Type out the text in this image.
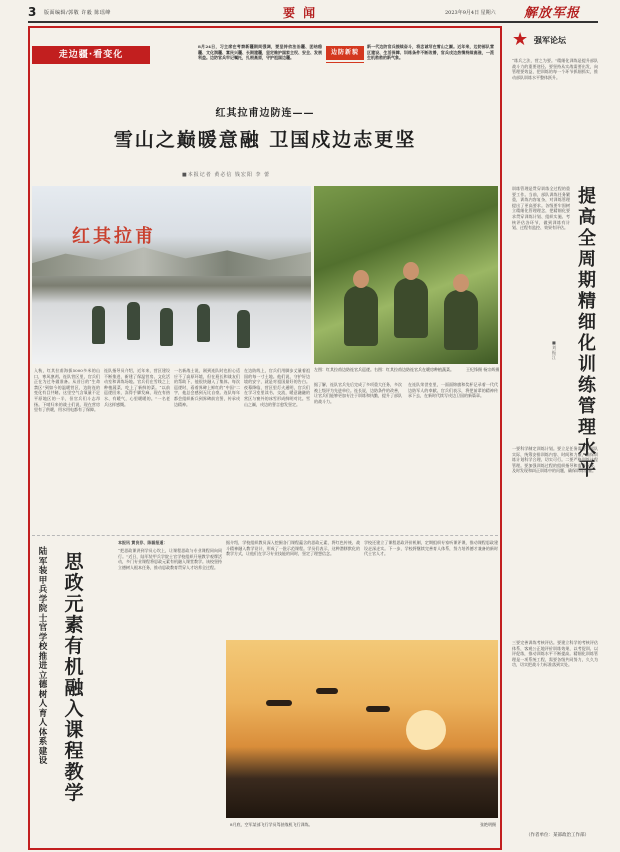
3 版面编辑/郭敬 许毅 陈瑶峰	要 闻	2023年9月4日 星期六 解放军报
走边疆·看变化
8月24日，习主席在考察新疆期间强调，要坚持依法治疆、团结稳疆、文化润疆、富民兴疆、长期建疆，坚定维护国家主权、安全、发展利益。边防官兵牢记嘱托，扎根高原，守护祖国边疆。
边防新貌
新一代边防官兵接续奋斗，将忠诚写在雪山之巅。近年来，边防部队营区建设、生活保障、训练条件不断改善，官兵戍边热情持续高涨，一派生机勃勃的新气象。
红其拉甫边防连——
雪山之巅暖意融 卫国戍边志更坚
■本报记者 黄必信 钱宏阳 李 蕾
红其拉甫
左图：红其拉甫边防连官兵巡逻。右图：红其拉甫边防连官兵在暖房种植蔬菜。	王纪锋摄 杨宗辉摄
据了解，连队官兵先后完成了多项重大任务，多次被上级评为先进单位。连长说，边防条件的改善，让官兵们能够更加专注于训练和执勤，提升了部队的战斗力。
在连队荣誉室里，一面面锦旗和奖杯记录着一代代边防军人的奉献。官兵们表示，将把前辈的精神传承下去，在新时代续写戍边卫国的新篇章。
入秋，红其拉甫海拔5000多米的山口，寒风凛冽。连队营区里，官兵们正在为过冬做准备。从昔日的“生命禁区”到如今的温暖营区，边防连的变化有目共睹。这里空气含氧量不足平原地区的一半，但官兵们斗志昂扬。下哨归来的战士们说，现在营房里有了供暖，用水用电都有了保障。
连队指导员介绍，近年来，营区建设不断推进，新建了保温营房、文化活动室和训练场地。官兵们在雪线之上种植蔬菜，吃上了新鲜的菜。“以前巡逻回来，冻得手脚发麻，现在有热水、有暖气，心里暖暖的。”一名老兵这样感慨。
一名新战士说，刚到连队时也担心适应不了高原环境，但在班长和战友们的帮助下，他很快融入了集体。每次巡逻时，看着界碑上鲜红的“中国”二字，他总会感到无比自豪。连队每年都会组织新兵到界碑前宣誓，传承戍边精神。
在边防线上，官兵们用脚步丈量着祖国的每一寸土地。他们说，守护好边境的安宁，就是对祖国最好的告白。夜幕降临，营区里灯火通明，官兵们在学习室里读书、交流，暖意融融的营区与窗外的冰雪形成鲜明对比。雪山之巅，戍边的誓言愈发坚定。
陆军装甲兵学院士官学校推进立德树人育人体系建设
思政元素有机融入课程教学
本报讯 黄良存、陈磊报道：
“把思政课讲到学员心坎上，让课程思政与专业课程同向同行。”近日，陆军装甲兵学院士官学校组织开展教学观摩活动，多门专业课程将思政元素有机融入课堂教学。该校坚持立德树人根本任务，推动思政教育贯穿人才培养全过程。
据介绍，学校组织教员深入挖掘各门课程蕴含的思政元素，将红色传统、战斗精神融入教学设计，形成了一批示范课程。学员们表示，这种潜移默化的教学方式，让他们在学习专业技能的同时，坚定了理想信念。
学校还建立了课程思政评价机制，定期组织专家听课评课，推动课程思政建设走深走实。下一步，学校将继续完善育人体系，努力培养德才兼备的新时代士官人才。
8月底，空军某部飞行学员驾驶战机飞行训练。	张艳明摄
★ 强军论坛
“练兵之法，营之为要。”精细化训练是提升部队战斗力的重要途径。要坚持从实战需要出发，向管理要效益，把训练的每一个环节抓细抓实，推动部队训练水平整体跃升。
提高全周期精细化训练管理水平
■刘振江
训练管理是贯穿训练全过程的重要工作。当前，部队训练任务繁重，训练内容复杂，对训练管理提出了更高要求。各级要牢固树立精细化管理理念，把精细化要求贯穿训练计划、组织实施、考核评估各环节，做到训练有计划、过程有监控、效果有评估。
一要科学制定训练计划。要立足任务需要和部队实际，统筹安排训练内容、时间和力量，确保训练计划科学合理、切实可行。二要严格训练过程管理。要加强训练过程的组织指导和监督检查，及时发现和纠正训练中的问题，确保训练质量。
三要完善训练考核评估。要建立科学的考核评估体系，客观公正地评价训练效果，以考促训、以评促练，推动训练水平不断提高。精细化训练管理是一项系统工程，需要各级共同努力，久久为功，切实把战斗力标准落到实处。
（作者单位：某部政治工作部）
